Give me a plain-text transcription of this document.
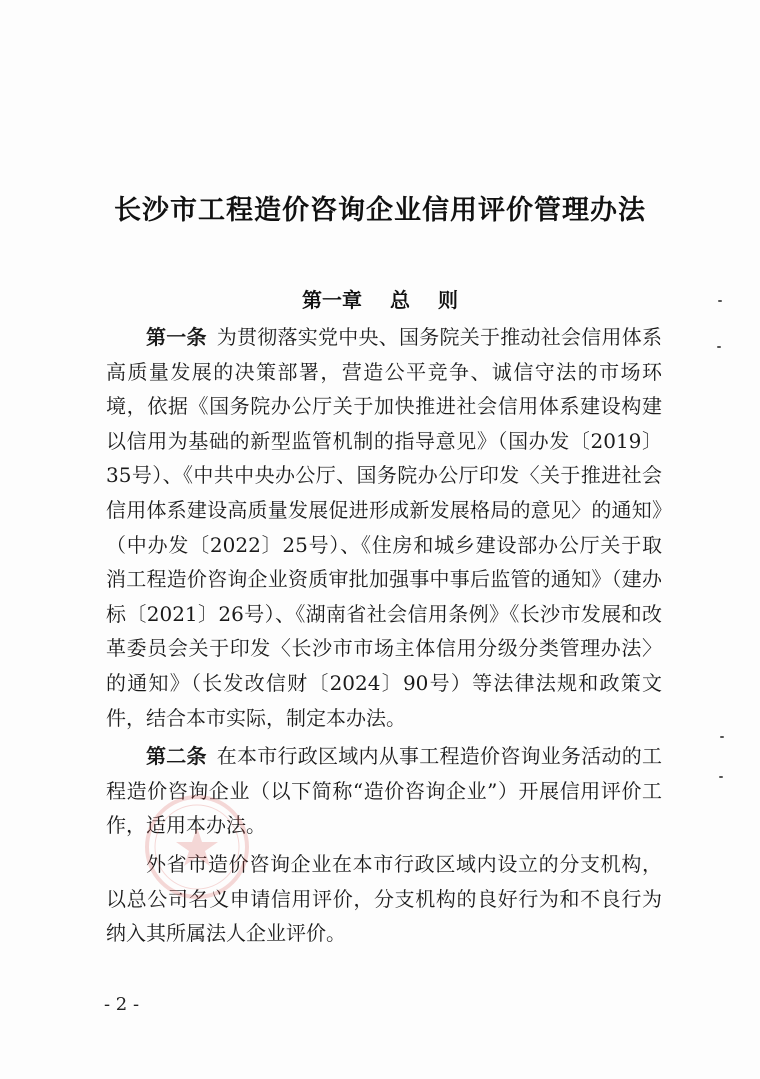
长沙市工程造价咨询企业信用评价管理办法
第一章 总 则

第一条 为贯彻落实党中央、国务院关于推动社会信用体系高质量发展的决策部署，营造公平竞争、诚信守法的市场环境，依据《国务院办公厅关于加快推进社会信用体系建设构建以信用为基础的新型监管机制的指导意见》（国办发〔2019〕35号）、《中共中央办公厅、国务院办公厅印发〈关于推进社会信用体系建设高质量发展促进形成新发展格局的意见〉的通知》（中办发〔2022〕25号）、《住房和城乡建设部办公厅关于取消工程造价咨询企业资质审批加强事中事后监管的通知》（建办标〔2021〕26号）、《湖南省社会信用条例》《长沙市发展和改革委员会关于印发〈长沙市市场主体信用分级分类管理办法〉的通知》（长发改信财〔2024〕90号）等法律法规和政策文件，结合本市实际，制定本办法。

第二条 在本市行政区域内从事工程造价咨询业务活动的工程造价咨询企业（以下简称“造价咨询企业”）开展信用评价工作，适用本办法。

外省市造价咨询企业在本市行政区域内设立的分支机构，以总公司名义申请信用评价，分支机构的良好行为和不良行为纳入其所属法人企业评价。

- 2 -
